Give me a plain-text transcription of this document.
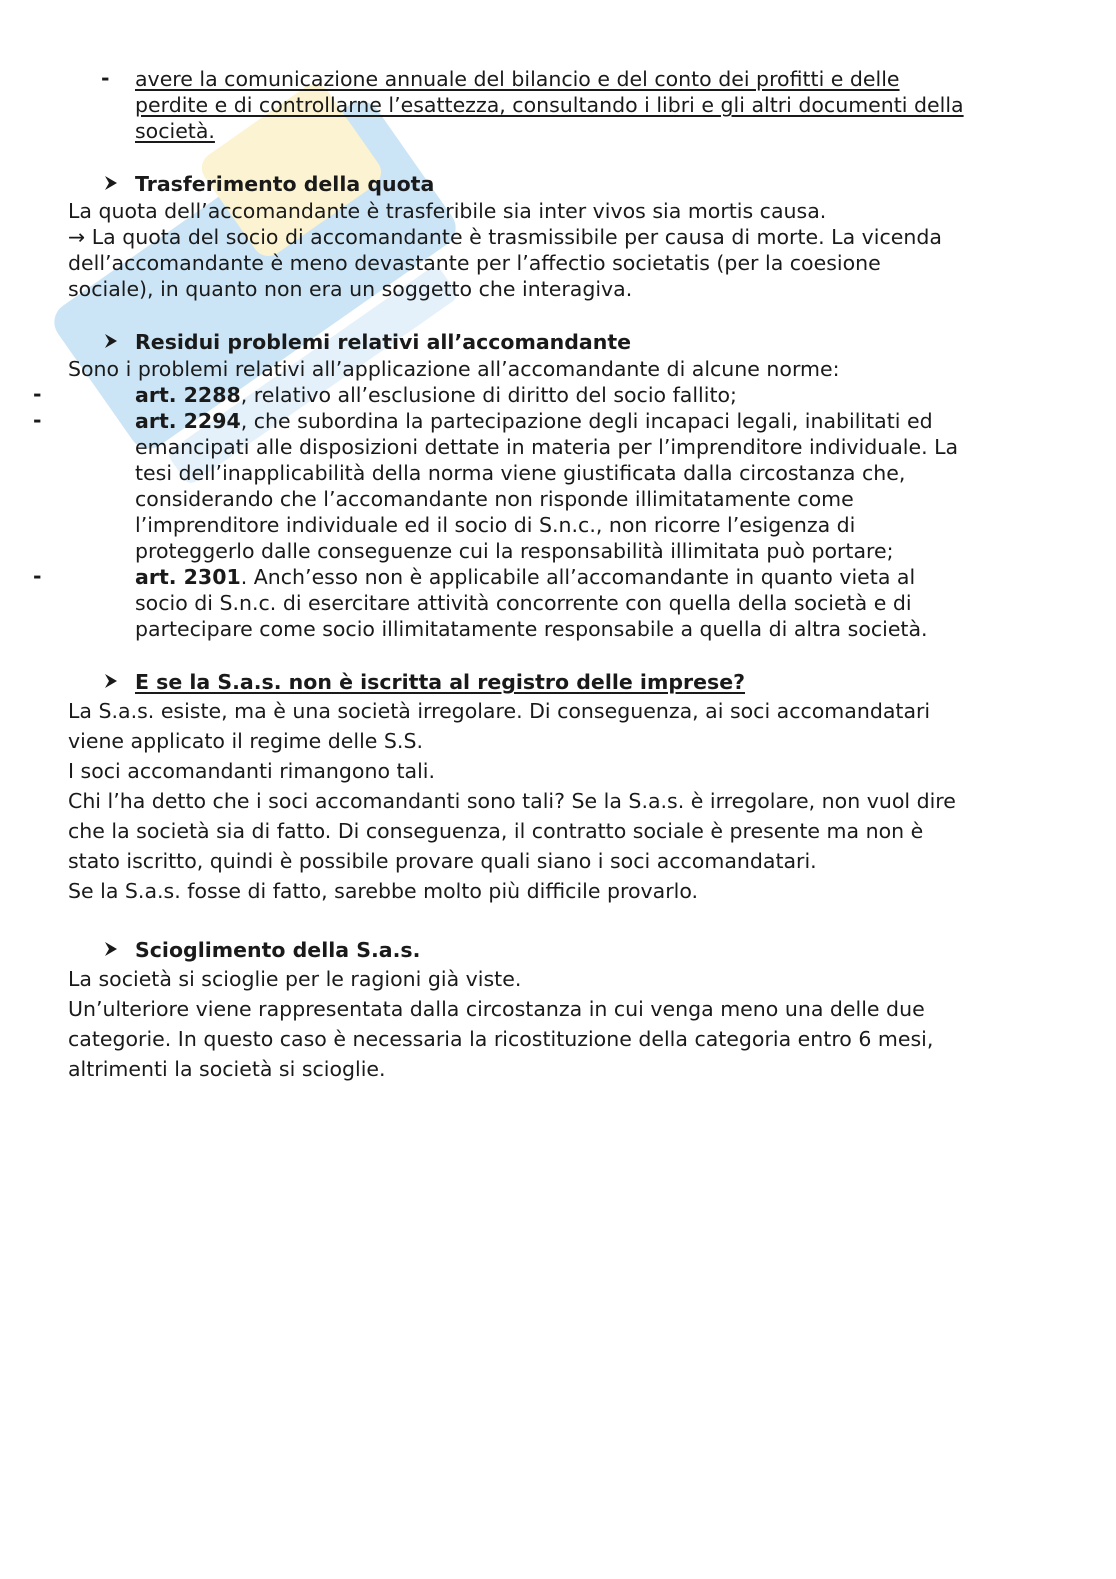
-	avere la comunicazione annuale del bilancio e del conto dei profitti e delle
perdite e di controllarne l’esattezza, consultando i libri e gli altri documenti della
società.
Trasferimento della quota
La quota dell’accomandante è trasferibile sia inter vivos sia mortis causa.
→ La quota del socio di accomandante è trasmissibile per causa di morte. La vicenda
dell’accomandante è meno devastante per l’affectio societatis (per la coesione
sociale), in quanto non era un soggetto che interagiva.
Residui problemi relativi all’accomandante
Sono i problemi relativi all’applicazione all’accomandante di alcune norme:
-	art. 2288, relativo all’esclusione di diritto del socio fallito;
-	art. 2294, che subordina la partecipazione degli incapaci legali, inabilitati ed
emancipati alle disposizioni dettate in materia per l’imprenditore individuale. La
tesi dell’inapplicabilità della norma viene giustificata dalla circostanza che,
considerando che l’accomandante non risponde illimitatamente come
l’imprenditore individuale ed il socio di S.n.c., non ricorre l’esigenza di
proteggerlo dalle conseguenze cui la responsabilità illimitata può portare;
-	art. 2301. Anch’esso non è applicabile all’accomandante in quanto vieta al
socio di S.n.c. di esercitare attività concorrente con quella della società e di
partecipare come socio illimitatamente responsabile a quella di altra società.
E se la S.a.s. non è iscritta al registro delle imprese?
La S.a.s. esiste, ma è una società irregolare. Di conseguenza, ai soci accomandatari
viene applicato il regime delle S.S.
I soci accomandanti rimangono tali.
Chi l’ha detto che i soci accomandanti sono tali? Se la S.a.s. è irregolare, non vuol dire
che la società sia di fatto. Di conseguenza, il contratto sociale è presente ma non è
stato iscritto, quindi è possibile provare quali siano i soci accomandatari.
Se la S.a.s. fosse di fatto, sarebbe molto più difficile provarlo.
Scioglimento della S.a.s.
La società si scioglie per le ragioni già viste.
Un’ulteriore viene rappresentata dalla circostanza in cui venga meno una delle due
categorie. In questo caso è necessaria la ricostituzione della categoria entro 6 mesi,
altrimenti la società si scioglie.
